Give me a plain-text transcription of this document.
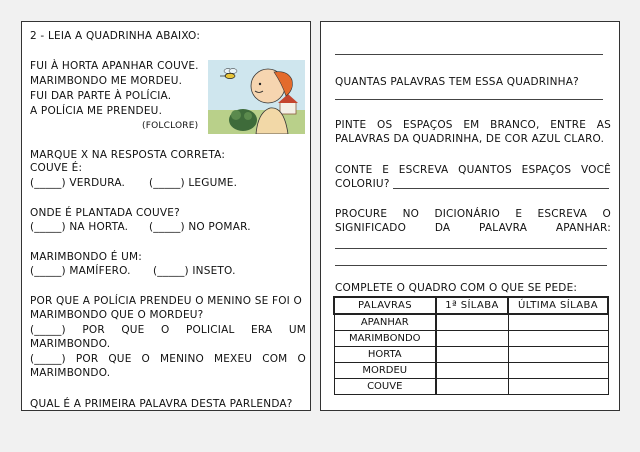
2 - LEIA A QUADRINHA ABAIXO:
FUI À HORTA APANHAR COUVE.
MARIMBONDO ME MORDEU.
FUI DAR PARTE À POLÍCIA.
A POLÍCIA ME PRENDEU.
(FOLCLORE)
MARQUE X NA RESPOSTA CORRETA:
COUVE É:
(_____) VERDURA. (_____) LEGUME.
ONDE É PLANTADA COUVE?
(_____) NA HORTA. (_____) NO POMAR.
MARIMBONDO É UM:
(_____) MAMÍFERO. (_____) INSETO.
POR QUE A POLÍCIA PRENDEU O MENINO SE FOI O
MARIMBONDO QUE O MORDEU?
(_____) POR QUE O POLICIAL ERA UM
MARIMBONDO.
(_____) POR QUE O MENINO MEXEU COM O
MARIMBONDO.
QUAL É A PRIMEIRA PALAVRA DESTA PARLENDA?
QUANTAS PALAVRAS TEM ESSA QUADRINHA?
PINTE OS ESPAÇOS EM BRANCO, ENTRE AS
PALAVRAS DA QUADRINHA, DE COR AZUL CLARO.
CONTE E ESCREVA QUANTOS ESPAÇOS VOCÊ
COLORIU?
PROCURE NO DICIONÁRIO E ESCREVA O
SIGNIFICADO	DA	PALAVRA	APANHAR:
COMPLETE O QUADRO COM O QUE SE PEDE:
PALAVRAS	1ª SÍLABA	ÚLTIMA SÍLABA
APANHAR		
MARIMBONDO		
HORTA		
MORDEU		
COUVE		
